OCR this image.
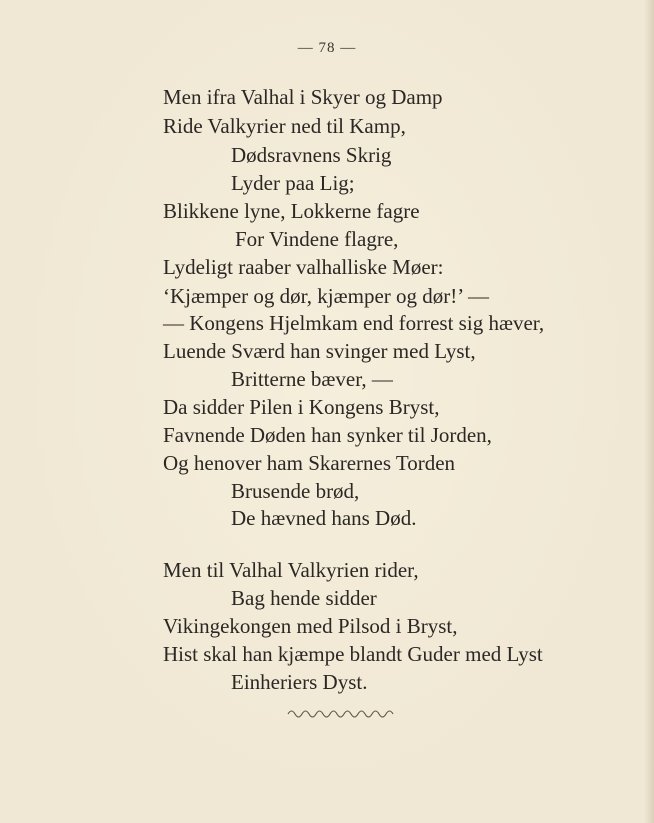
— 78 —
Men ifra Valhal i Skyer og Damp
Ride Valkyrier ned til Kamp,
Dødsravnens Skrig
Lyder paa Lig;
Blikkene lyne, Lokkerne fagre
For Vindene flagre,
Lydeligt raaber valhalliske Møer:
‘Kjæmper og dør, kjæmper og dør!’ —
— Kongens Hjelmkam end forrest sig hæver,
Luende Sværd han svinger med Lyst,
Britterne bæver, —
Da sidder Pilen i Kongens Bryst,
Favnende Døden han synker til Jorden,
Og henover ham Skarernes Torden
Brusende brød,
De hævned hans Død.
Men til Valhal Valkyrien rider,
Bag hende sidder
Vikingekongen med Pilsod i Bryst,
Hist skal han kjæmpe blandt Guder med Lyst
Einheriers Dyst.
